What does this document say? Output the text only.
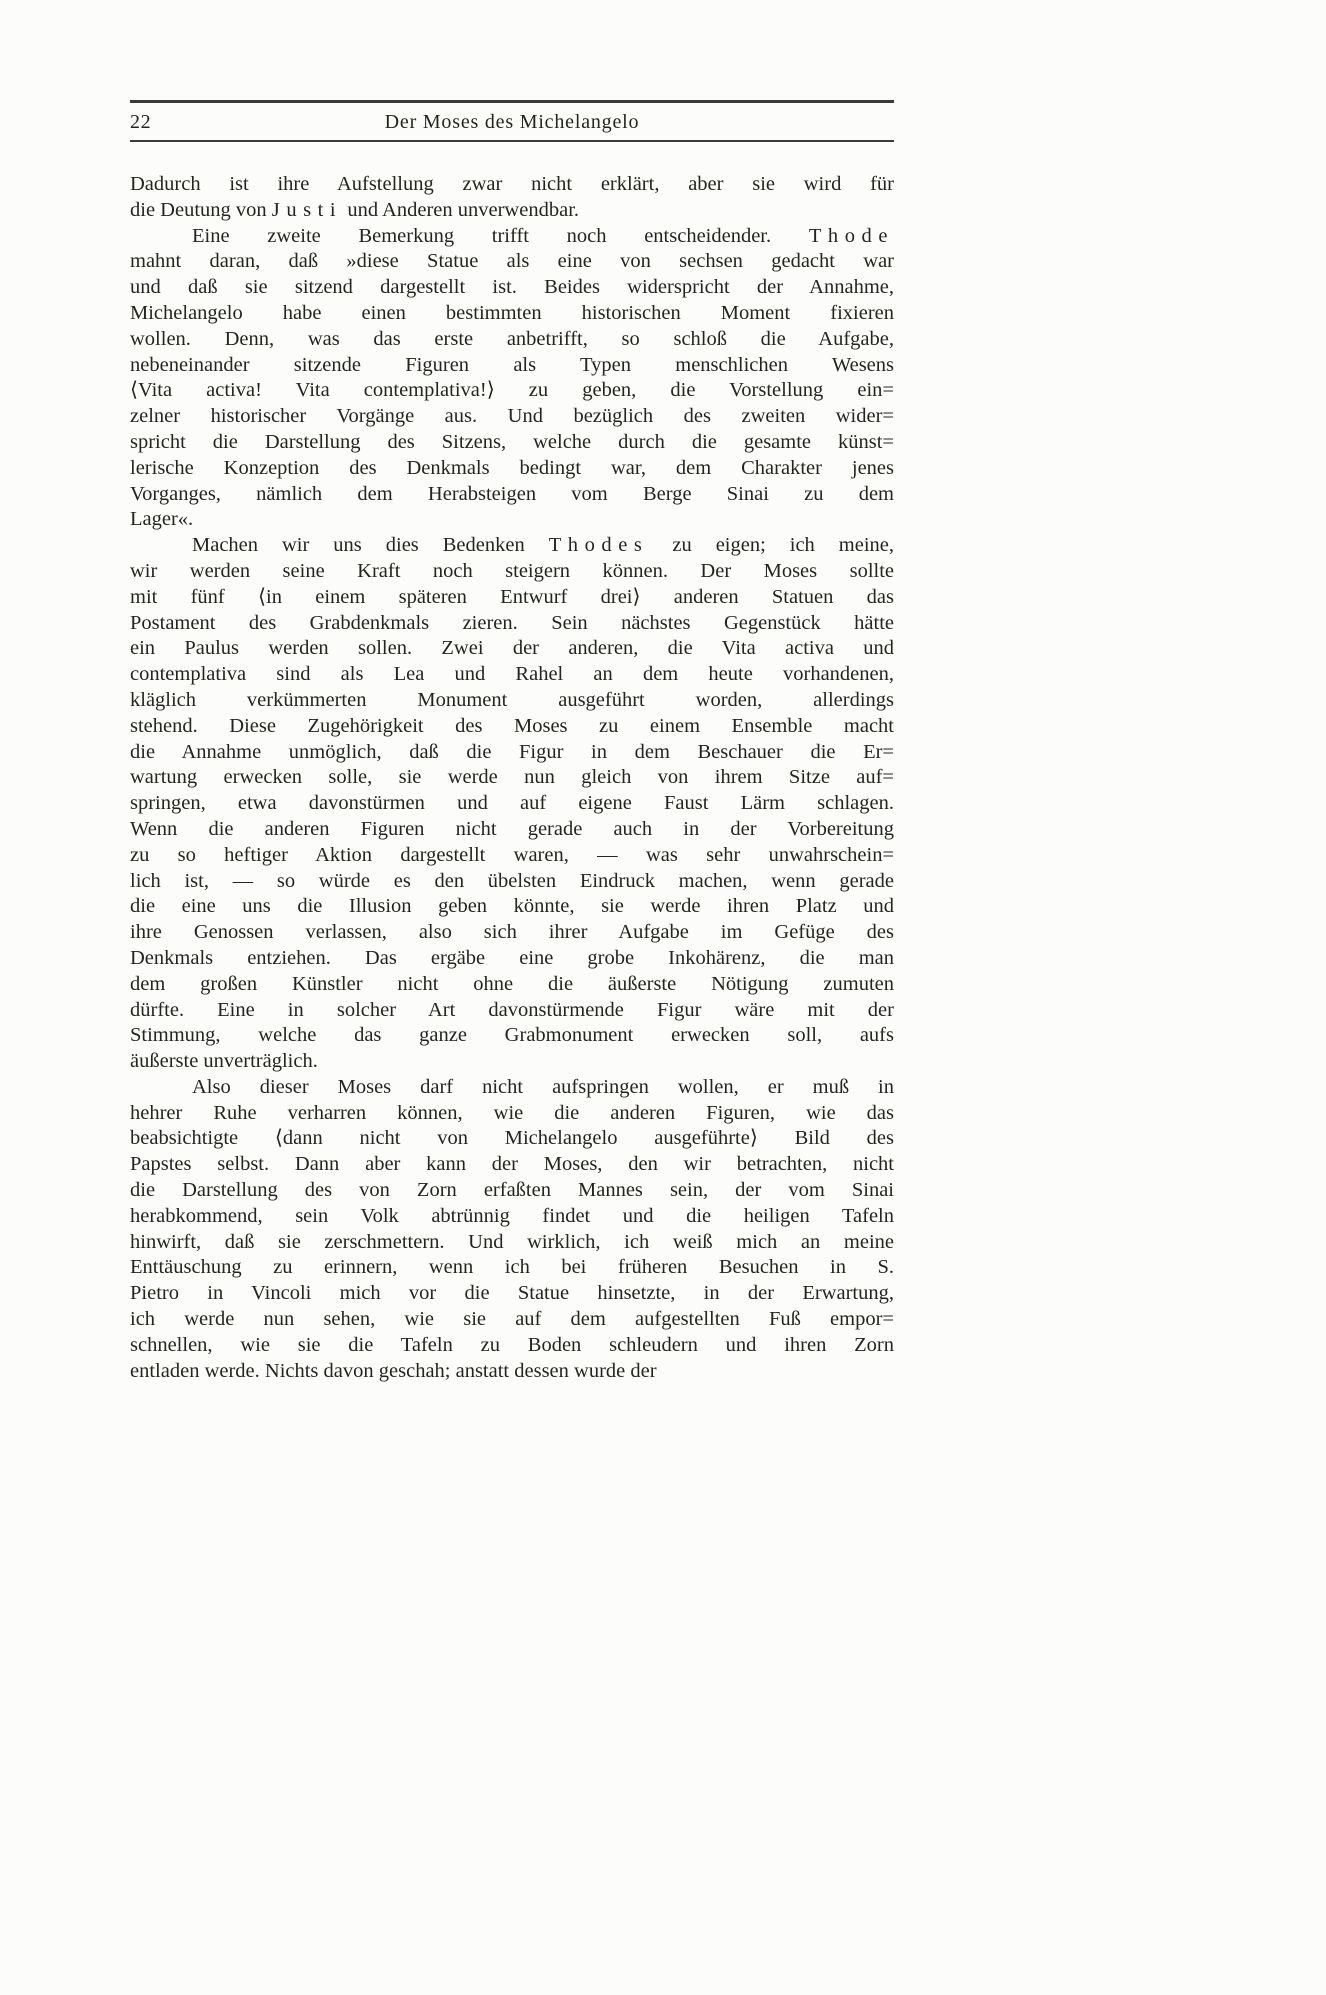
22	Der Moses des Michelangelo
Dadurch ist ihre Aufstellung zwar nicht erklärt, aber sie wird für
die Deutung von Justi und Anderen unverwendbar.
Eine zweite Bemerkung trifft noch entscheidender. Thode
mahnt daran, daß »diese Statue als eine von sechsen gedacht war
und daß sie sitzend dargestellt ist. Beides widerspricht der Annahme,
Michelangelo habe einen bestimmten historischen Moment fixieren
wollen. Denn, was das erste anbetrifft, so schloß die Aufgabe,
nebeneinander sitzende Figuren als Typen menschlichen Wesens
⟨Vita activa! Vita contemplativa!⟩ zu geben, die Vorstellung ein=
zelner historischer Vorgänge aus. Und bezüglich des zweiten wider=
spricht die Darstellung des Sitzens, welche durch die gesamte künst=
lerische Konzeption des Denkmals bedingt war, dem Charakter jenes
Vorganges, nämlich dem Herabsteigen vom Berge Sinai zu dem
Lager«.
Machen wir uns dies Bedenken Thodes zu eigen; ich meine,
wir werden seine Kraft noch steigern können. Der Moses sollte
mit fünf ⟨in einem späteren Entwurf drei⟩ anderen Statuen das
Postament des Grabdenkmals zieren. Sein nächstes Gegenstück hätte
ein Paulus werden sollen. Zwei der anderen, die Vita activa und
contemplativa sind als Lea und Rahel an dem heute vorhandenen,
kläglich verkümmerten Monument ausgeführt worden, allerdings
stehend. Diese Zugehörigkeit des Moses zu einem Ensemble macht
die Annahme unmöglich, daß die Figur in dem Beschauer die Er=
wartung erwecken solle, sie werde nun gleich von ihrem Sitze auf=
springen, etwa davonstürmen und auf eigene Faust Lärm schlagen.
Wenn die anderen Figuren nicht gerade auch in der Vorbereitung
zu so heftiger Aktion dargestellt waren, — was sehr unwahrschein=
lich ist, — so würde es den übelsten Eindruck machen, wenn gerade
die eine uns die Illusion geben könnte, sie werde ihren Platz und
ihre Genossen verlassen, also sich ihrer Aufgabe im Gefüge des
Denkmals entziehen. Das ergäbe eine grobe Inkohärenz, die man
dem großen Künstler nicht ohne die äußerste Nötigung zumuten
dürfte. Eine in solcher Art davonstürmende Figur wäre mit der
Stimmung, welche das ganze Grabmonument erwecken soll, aufs
äußerste unverträglich.
Also dieser Moses darf nicht aufspringen wollen, er muß in
hehrer Ruhe verharren können, wie die anderen Figuren, wie das
beabsichtigte ⟨dann nicht von Michelangelo ausgeführte⟩ Bild des
Papstes selbst. Dann aber kann der Moses, den wir betrachten, nicht
die Darstellung des von Zorn erfaßten Mannes sein, der vom Sinai
herabkommend, sein Volk abtrünnig findet und die heiligen Tafeln
hinwirft, daß sie zerschmettern. Und wirklich, ich weiß mich an meine
Enttäuschung zu erinnern, wenn ich bei früheren Besuchen in S.
Pietro in Vincoli mich vor die Statue hinsetzte, in der Erwartung,
ich werde nun sehen, wie sie auf dem aufgestellten Fuß empor=
schnellen, wie sie die Tafeln zu Boden schleudern und ihren Zorn
entladen werde. Nichts davon geschah; anstatt dessen wurde der
